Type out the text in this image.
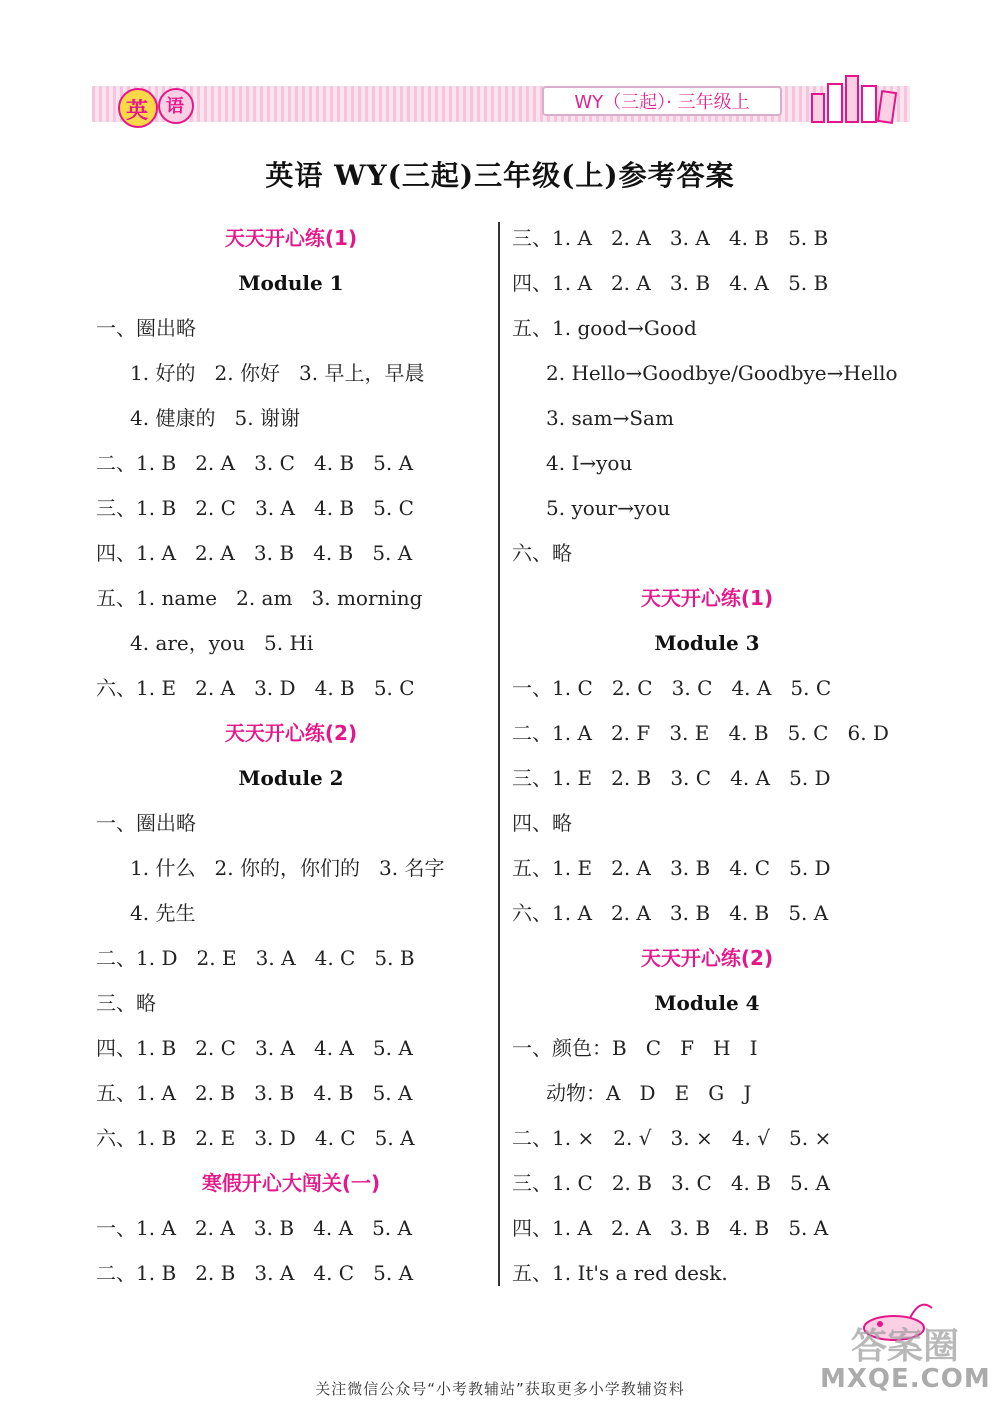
英 语	WY（三起）· 三年级上
英语 WY(三起)三年级(上)参考答案
天天开心练(1)
Module 1
一、圈出略
1. 好的   2. 你好   3. 早上，早晨
4. 健康的   5. 谢谢
二、1. B   2. A   3. C   4. B   5. A
三、1. B   2. C   3. A   4. B   5. C
四、1. A   2. A   3. B   4. B   5. A
五、1. name   2. am   3. morning
4. are，you   5. Hi
六、1. E   2. A   3. D   4. B   5. C
天天开心练(2)
Module 2
一、圈出略
1. 什么   2. 你的，你们的   3. 名字
4. 先生
二、1. D   2. E   3. A   4. C   5. B
三、略
四、1. B   2. C   3. A   4. A   5. A
五、1. A   2. B   3. B   4. B   5. A
六、1. B   2. E   3. D   4. C   5. A
寒假开心大闯关(一)
一、1. A   2. A   3. B   4. A   5. A
二、1. B   2. B   3. A   4. C   5. A
三、1. A   2. A   3. A   4. B   5. B
四、1. A   2. A   3. B   4. A   5. B
五、1. good→Good
2. Hello→Goodbye/Goodbye→Hello
3. sam→Sam
4. I→you
5. your→you
六、略
天天开心练(1)
Module 3
一、1. C   2. C   3. C   4. A   5. C
二、1. A   2. F   3. E   4. B   5. C   6. D
三、1. E   2. B   3. C   4. A   5. D
四、略
五、1. E   2. A   3. B   4. C   5. D
六、1. A   2. A   3. B   4. B   5. A
天天开心练(2)
Module 4
一、颜色：B   C   F   H   I
动物：A   D   E   G   J
二、1. ×   2. √   3. ×   4. √   5. ×
三、1. C   2. B   3. C   4. B   5. A
四、1. A   2. A   3. B   4. B   5. A
五、1. It's a red desk.
答案圈
MXQE.COM
关注微信公众号“小考教辅站”获取更多小学教辅资料
